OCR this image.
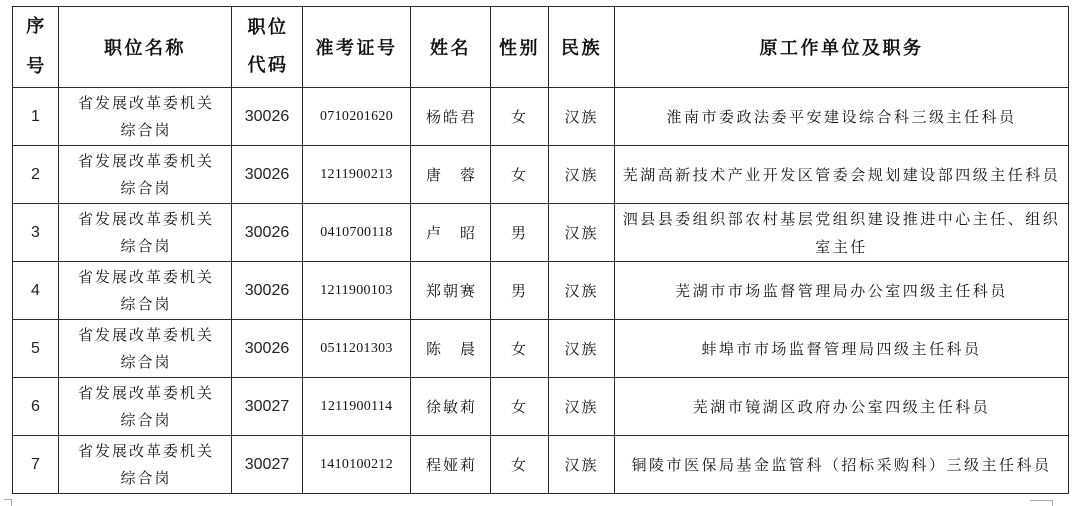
序号	职位名称	职位代码	准考证号	姓名	性别	民族	原工作单位及职务
1	省发展改革委机关综合岗	30026	0710201620	杨皓君	女	汉族	淮南市委政法委平安建设综合科三级主任科员

2	省发展改革委机关综合岗	30026	1211900213	唐　蓉	女	汉族	芜湖高新技术产业开发区管委会规划建设部四级主任科员

3	省发展改革委机关综合岗	30026	0410700118	卢　昭	男	汉族	泗县县委组织部农村基层党组织建设推进中心主任、组织室主任

4	省发展改革委机关综合岗	30026	1211900103	郑朝赛	男	汉族	芜湖市市场监督管理局办公室四级主任科员

5	省发展改革委机关综合岗	30026	0511201303	陈　晨	女	汉族	蚌埠市市场监督管理局四级主任科员

6	省发展改革委机关综合岗	30027	1211900114	徐敏莉	女	汉族	芜湖市镜湖区政府办公室四级主任科员

7	省发展改革委机关综合岗	30027	1410100212	程娅莉	女	汉族	铜陵市医保局基金监管科（招标采购科）三级主任科员
